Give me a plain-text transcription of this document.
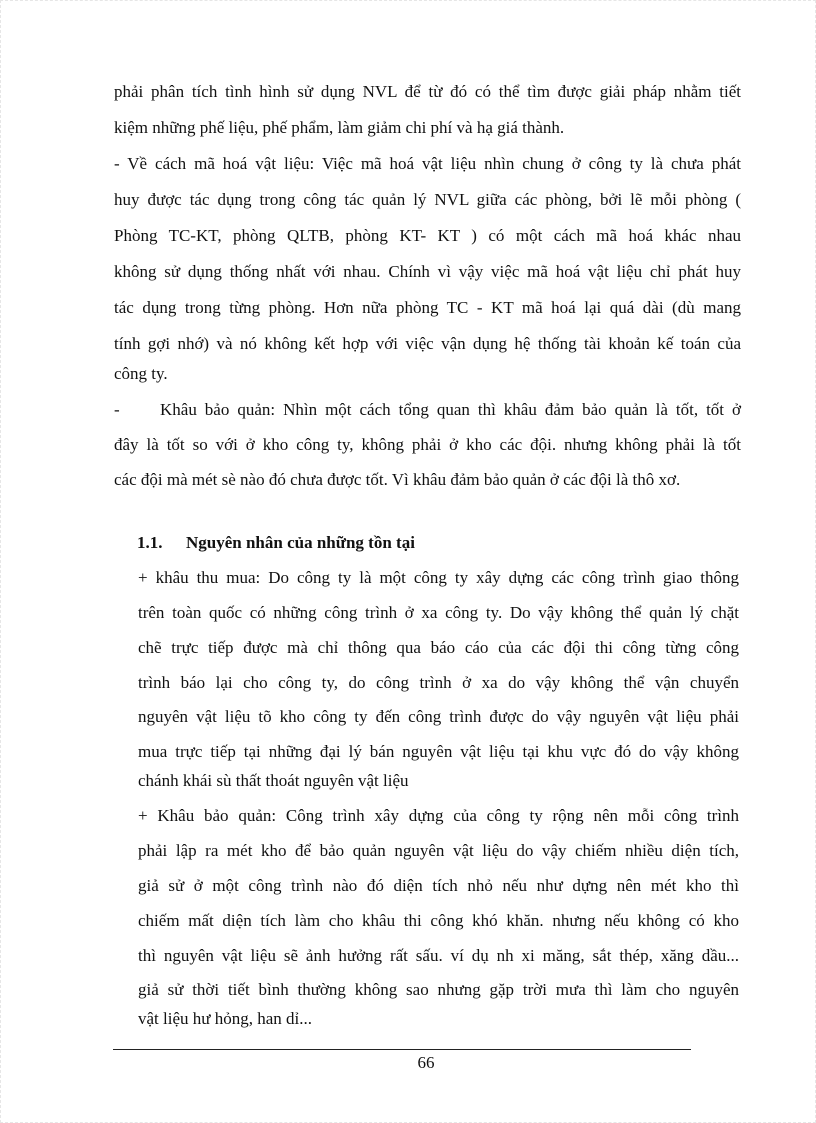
phải phân tích tình hình sử dụng NVL để từ đó có thể tìm được giải pháp nhằm tiết
kiệm những phế liệu, phế phẩm, làm giảm chi phí và hạ giá thành.
- Về cách mã hoá vật liệu: Việc mã hoá vật liệu nhìn chung ở công ty là chưa phát
huy được tác dụng trong công tác quản lý NVL giữa các phòng, bởi lẽ mỗi phòng (
Phòng TC-KT, phòng QLTB, phòng KT- KT ) có một cách mã hoá khác nhau
không sử dụng thống nhất với nhau. Chính vì vậy việc mã hoá vật liệu chỉ phát huy
tác dụng trong từng phòng. Hơn nữa phòng TC - KT mã hoá lại quá dài (dù mang
tính gợi nhớ) và nó không kết hợp với việc vận dụng hệ thống tài khoản kế toán của
công ty.
- Khâu bảo quản: Nhìn một cách tổng quan thì khâu đảm bảo quản là tốt, tốt ở
đây là tốt so với ở kho công ty, không phải ở kho các đội. nhưng không phải là tốt
các đội mà mét sè nào đó chưa được tốt. Vì khâu đảm bảo quản ở các đội là thô xơ.
1.1. Nguyên nhân của những tồn tại
+ khâu thu mua: Do công ty là một công ty xây dựng các công trình giao thông
trên toàn quốc có những công trình ở xa công ty. Do vậy không thể quản lý chặt
chẽ trực tiếp được mà chỉ thông qua báo cáo của các đội thi công từng công
trình báo lại cho công ty, do công trình ở xa do vậy không thể vận chuyển
nguyên vật liệu tõ kho công ty đến công trình được do vậy nguyên vật liệu phải
mua trực tiếp tại những đại lý bán nguyên vật liệu tại khu vực đó do vậy không
chánh khái sù thất thoát nguyên vật liệu
+ Khâu bảo quản: Công trình xây dựng của công ty rộng nên mỗi công trình
phải lập ra mét kho để bảo quản nguyên vật liệu do vậy chiếm nhiều diện tích,
giả sử ở một công trình nào đó diện tích nhỏ nếu như dựng nên mét kho thì
chiếm mất diện tích làm cho khâu thi công khó khăn. nhưng nếu không có kho
thì nguyên vật liệu sẽ ảnh hưởng rất sấu. ví dụ nh xi măng, sắt thép, xăng dầu...
giả sử thời tiết bình thường không sao nhưng gặp trời mưa thì làm cho nguyên
vật liệu hư hỏng, han dỉ...
66
